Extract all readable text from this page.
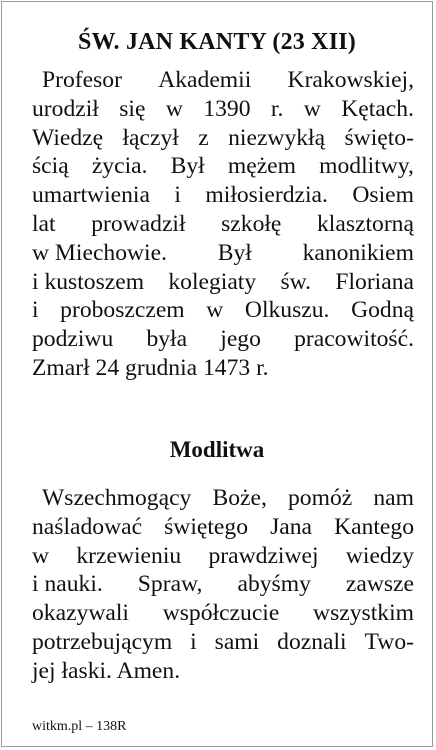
ŚW. JAN KANTY (23 XII)
Profesor Akademii Krakowskiej,
urodził się w 1390 r. w Kętach.
Wiedzę łączył z niezwykłą święto-
ścią życia. Był mężem modlitwy,
umartwienia i miłosierdzia. Osiem
lat prowadził szkołę klasztorną
w Miechowie. Był kanonikiem
i kustoszem kolegiaty św. Floriana
i proboszczem w Olkuszu. Godną
podziwu była jego pracowitość.
Zmarł 24 grudnia 1473 r.
Modlitwa
Wszechmogący Boże, pomóż nam
naśladować świętego Jana Kantego
w krzewieniu prawdziwej wiedzy
i nauki. Spraw, abyśmy zawsze
okazywali współczucie wszystkim
potrzebującym i sami doznali Two-
jej łaski. Amen.
witkm.pl – 138R
